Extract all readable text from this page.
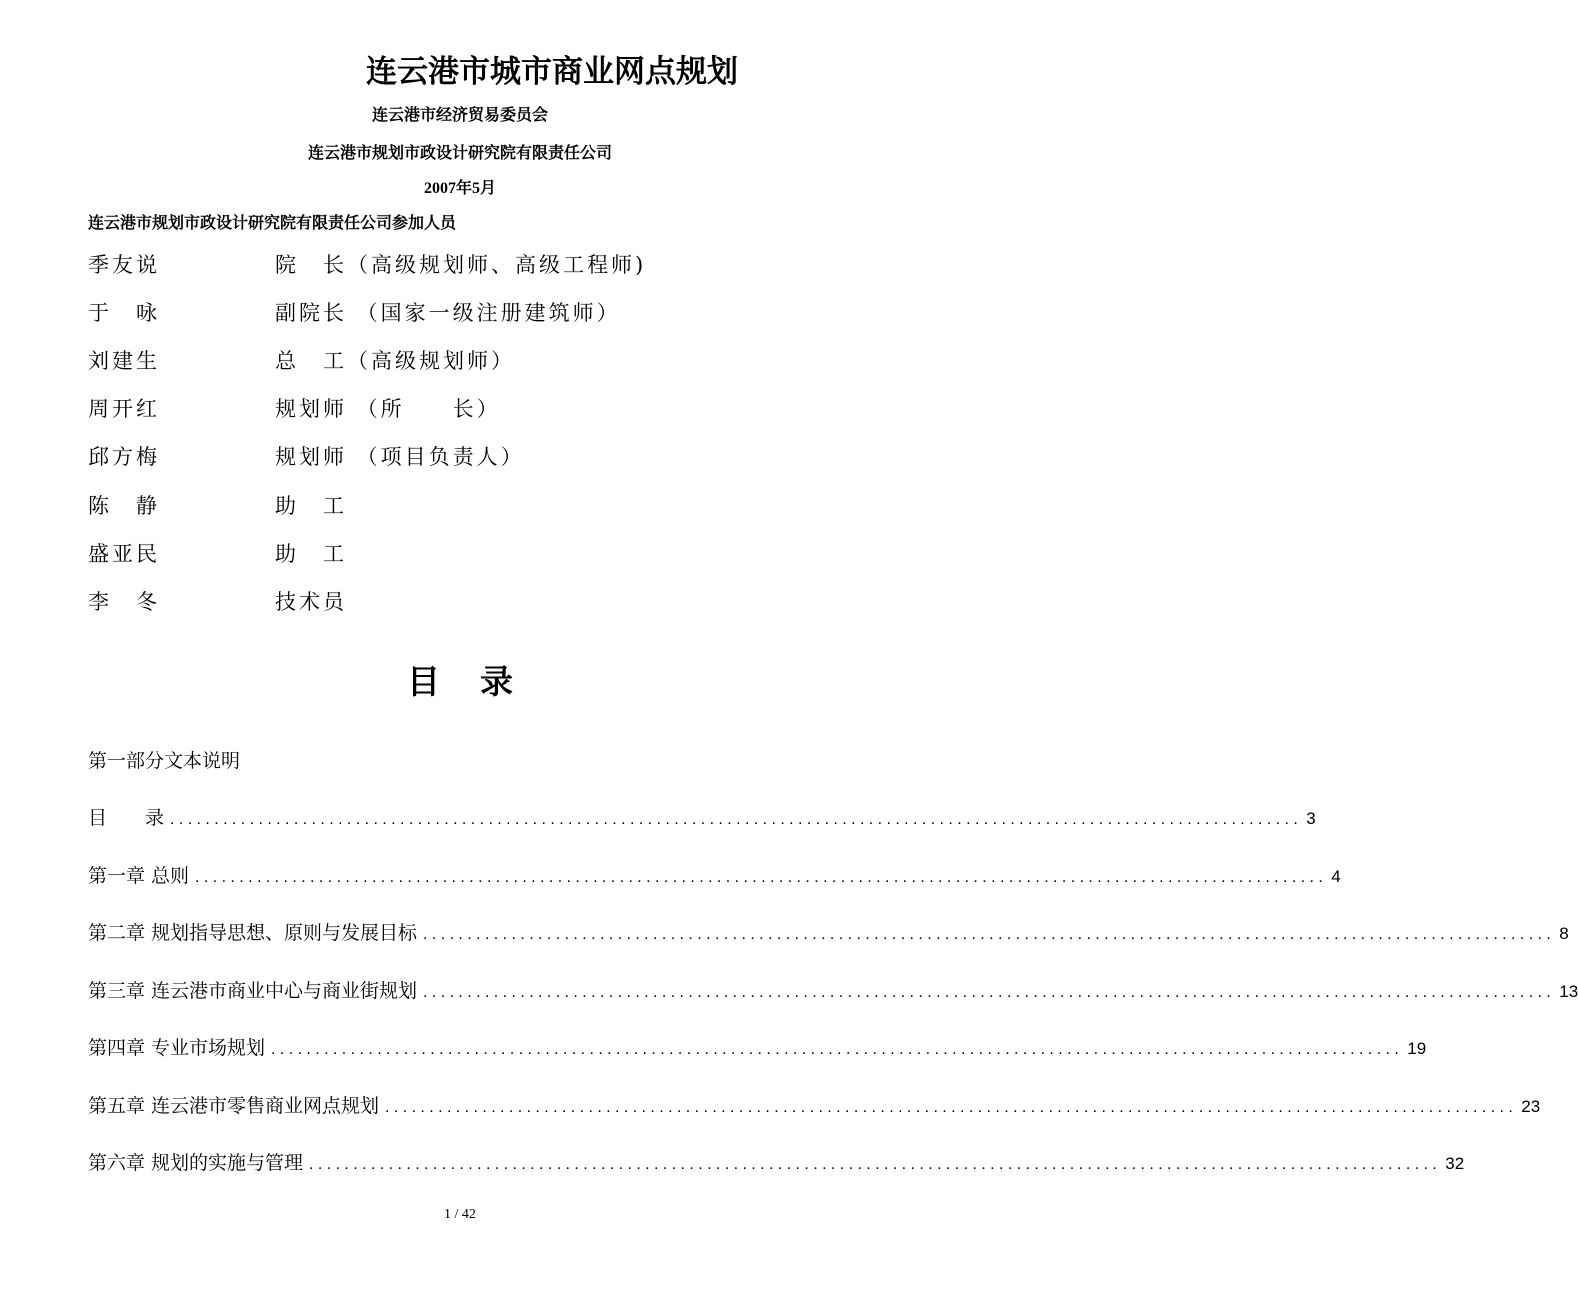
连云港市城市商业网点规划
连云港市经济贸易委员会
连云港市规划市政设计研究院有限责任公司
2007年5月
连云港市规划市政设计研究院有限责任公司参加人员
季友说	院　长（高级规划师、高级工程师)
于　咏	副院长 （国家一级注册建筑师）
刘建生	总　工（高级规划师）
周开红	规划师 （所　　长）
邱方梅	规划师 （项目负责人）
陈　静	助　工
盛亚民	助　工
李　冬	技术员
目录
第一部分文本说明
目　　录 ................................................................................................................................ 3
第一章 总则 ................................................................................................................................ 4
第二章 规划指导思想、原则与发展目标 ................................................................................................................................ 8
第三章 连云港市商业中心与商业街规划 ................................................................................................................................ 13
第四章 专业市场规划 ................................................................................................................................ 19
第五章 连云港市零售商业网点规划 ................................................................................................................................ 23
第六章 规划的实施与管理 ................................................................................................................................ 32
1 / 42
